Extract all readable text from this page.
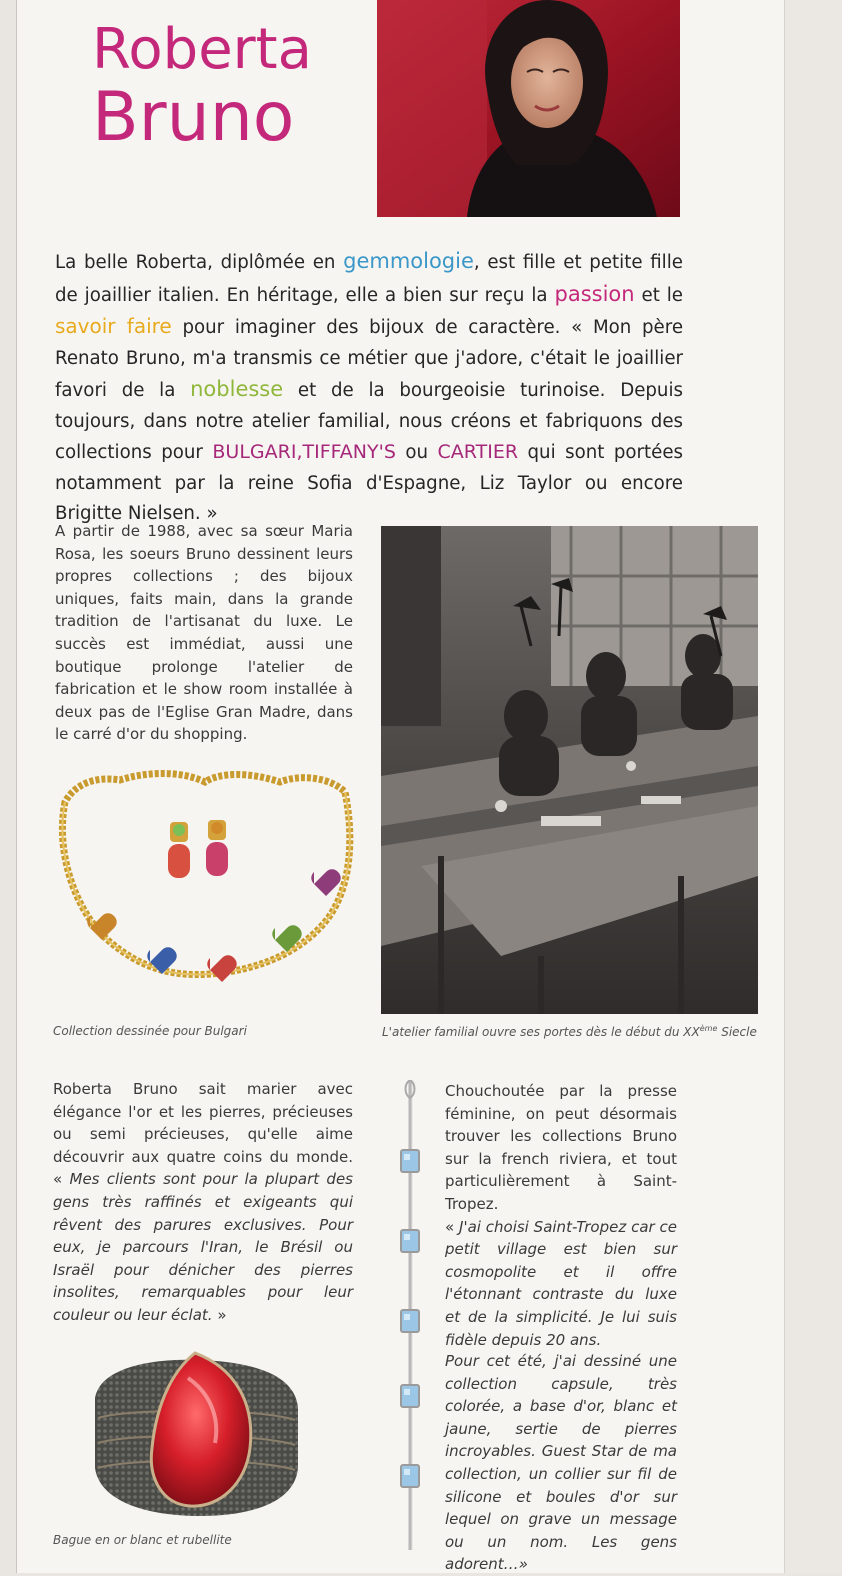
Roberta
Bruno

La belle Roberta, diplômée en gemmologie, est fille et petite fille de joaillier italien. En héritage, elle a bien sur reçu la passion et le savoir faire pour imaginer des bijoux de caractère. « Mon père Renato Bruno, m'a transmis ce métier que j'adore, c'était le joaillier favori de la noblesse et de la bourgeoisie turinoise. Depuis toujours, dans notre atelier familial, nous créons et fabriquons des collections pour BULGARI,TIFFANY'S ou CARTIER qui sont portées notamment par la reine Sofia d'Espagne, Liz Taylor ou encore Brigitte Nielsen. »

A partir de 1988, avec sa sœur Maria Rosa, les soeurs Bruno dessinent leurs propres collections ; des bijoux uniques, faits main, dans la grande tradition de l'artisanat du luxe. Le succès est immédiat, aussi une boutique prolonge l'atelier de fabrication et le show room installée à deux pas de l'Eglise Gran Madre, dans le carré d'or du shopping.

Collection dessinée pour Bulgari	L'atelier familial ouvre ses portes dès le début du XXème Siecle

Roberta Bruno sait marier avec élégance l'or et les pierres, précieuses ou semi précieuses, qu'elle aime découvrir aux quatre coins du monde. « Mes clients sont pour la plupart des gens très raffinés et exigeants qui rêvent des parures exclusives. Pour eux, je parcours l'Iran, le Brésil ou Israël pour dénicher des pierres insolites, remarquables pour leur couleur ou leur éclat. »

Bague en or blanc et rubellite

Chouchoutée par la presse féminine, on peut désormais trouver les collections Bruno sur la french riviera, et tout particulièrement à Saint-Tropez.
« J'ai choisi Saint-Tropez car ce petit village est bien sur cosmopolite et il offre l'étonnant contraste du luxe et de la simplicité. Je lui suis fidèle depuis 20 ans.

Pour cet été, j'ai dessiné une collection capsule, très colorée, a base d'or, blanc et jaune, sertie de pierres incroyables. Guest Star de ma collection, un collier sur fil de silicone et boules d'or sur lequel on grave un message ou un nom. Les gens adorent…»
